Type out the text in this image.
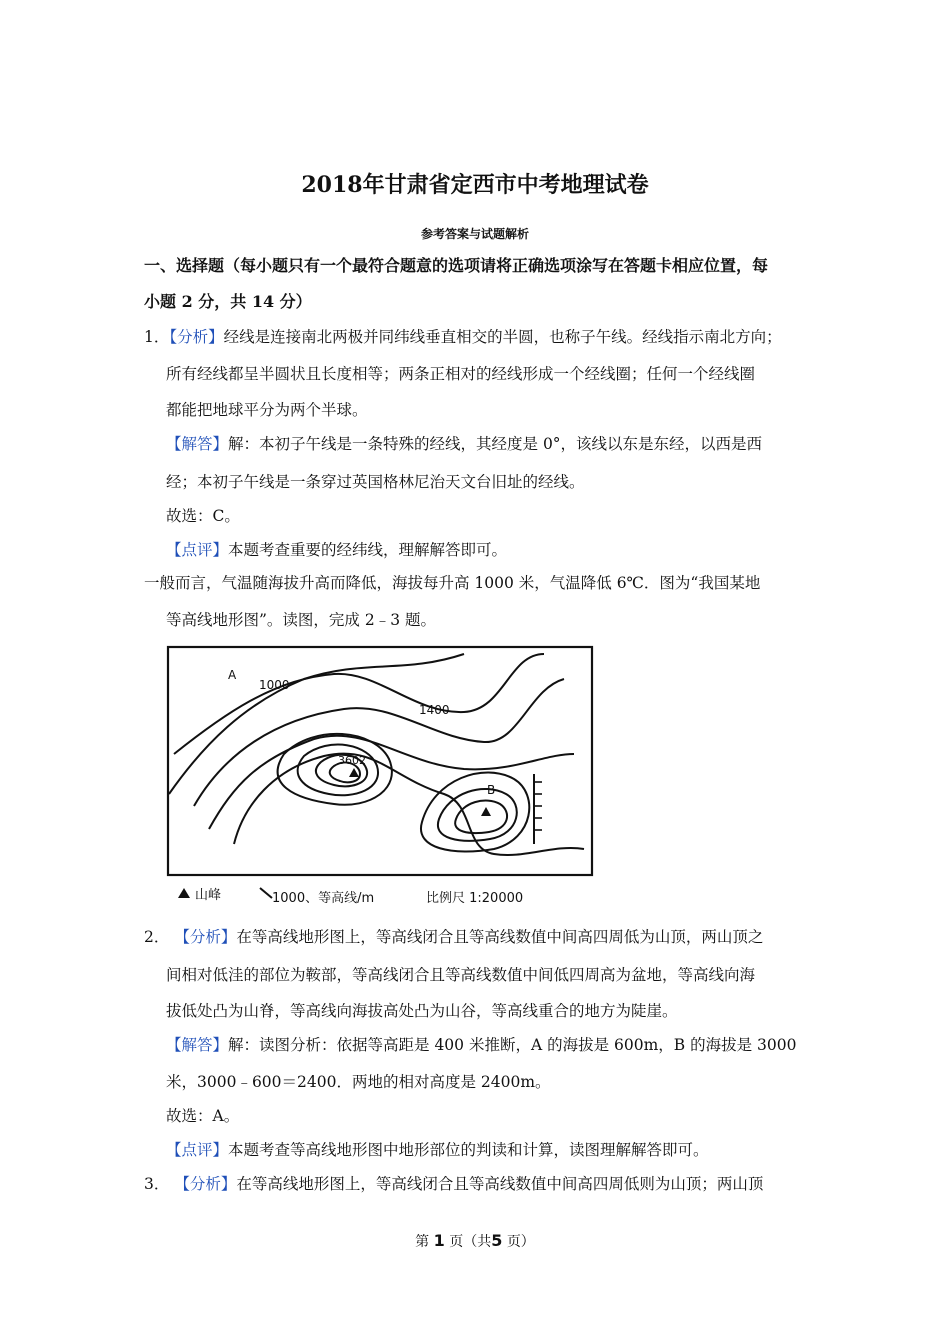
2018年甘肃省定西市中考地理试卷
参考答案与试题解析
一、选择题（每小题只有一个最符合题意的选项请将正确选项涂写在答题卡相应位置，每
小题 2 分，共 14 分）
1．【分析】经线是连接南北两极并同纬线垂直相交的半圆，也称子午线。经线指示南北方向；
所有经线都呈半圆状且长度相等；两条正相对的经线形成一个经线圈；任何一个经线圈
都能把地球平分为两个半球。
【解答】解：本初子午线是一条特殊的经线，其经度是 0°，该线以东是东经，以西是西
经；本初子午线是一条穿过英国格林尼治天文台旧址的经线。
故选：C。
【点评】本题考查重要的经纬线，理解解答即可。
一般而言，气温随海拔升高而降低，海拔每升高 1000 米，气温降低 6℃．图为“我国某地
等高线地形图”。读图，完成 2﹣3 题。
A
1000
1400
3602
B
山峰	1000、等高线/m	比例尺 1:20000
2． 【分析】在等高线地形图上，等高线闭合且等高线数值中间高四周低为山顶，两山顶之
间相对低洼的部位为鞍部，等高线闭合且等高线数值中间低四周高为盆地，等高线向海
拔低处凸为山脊，等高线向海拔高处凸为山谷，等高线重合的地方为陡崖。
【解答】解：读图分析：依据等高距是 400 米推断，A 的海拔是 600m，B 的海拔是 3000
米，3000﹣600＝2400．两地的相对高度是 2400m。
故选：A。
【点评】本题考查等高线地形图中地形部位的判读和计算，读图理解解答即可。
3． 【分析】在等高线地形图上，等高线闭合且等高线数值中间高四周低则为山顶；两山顶
第 1 页（共5 页）
